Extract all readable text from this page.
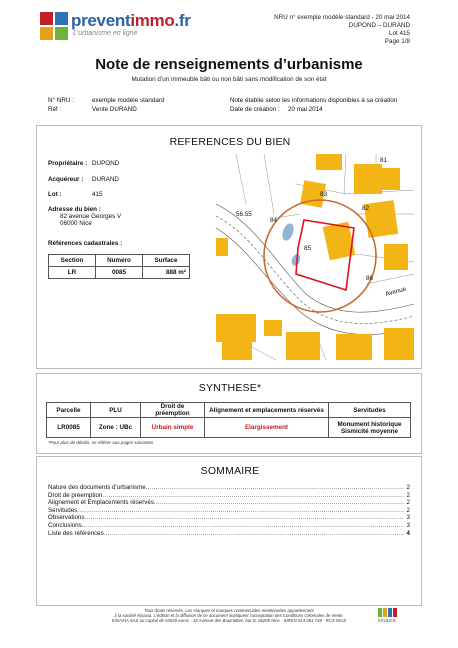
preventimmo.fr
L'urbanisme en ligne
NRU n° exemple modèle standard - 20 mai 2014
DUPOND – DURAND
Lot 415
Page 1/8
Note de renseignements d’urbanisme
Mutation d’un immeuble bâti ou non bâti sans modification de son état
N° NRU :	exemple modèle standard
Réf :	Vente DURAND
Note établie selon les informations disponibles à sa création
Date de création : 20 mai 2014
REFERENCES DU BIEN
Propriétaire : DUPOND
Acquéreur : DURAND
Lot :	415
Adresse du bien :
82 avenue Georges V
06000 Nice
Références cadastrales :
Section	Numéro	Surface
LR	0085	888 m²
81
83
82
84
85
86
56.55
Avenue
SYNTHESE*
Parcelle	PLU	Droit de préemption	Alignement et emplacements réservés	Servitudes
LR0085	Zone : UBc	Urbain simple	Elargissement	Monument historique
Sismicité moyenne
*Pour plus de détails, se référer aux pages suivantes
SOMMAIRE
Nature des documents d’urbanisme .....	2
Droit de préemption .....	2
Alignement et Emplacements réservés .....	2
Servitudes .....	2
Observations .....	3
Conclusions .....	3
Liste des références .....	4
Tous droits réservés. Les marques et marques commerciales mentionnées appartiennent
à la société Kinaxia. L’édition et la diffusion de ce document impliquent l’acceptation des Conditions Générales de Vente.
KINAXIA SAS au capital de 53020 euros - 18 Avenue des Baumettes, bat D, 06200 Nice - SIREN 514 061 738 - RCS NICE	kinaxia
